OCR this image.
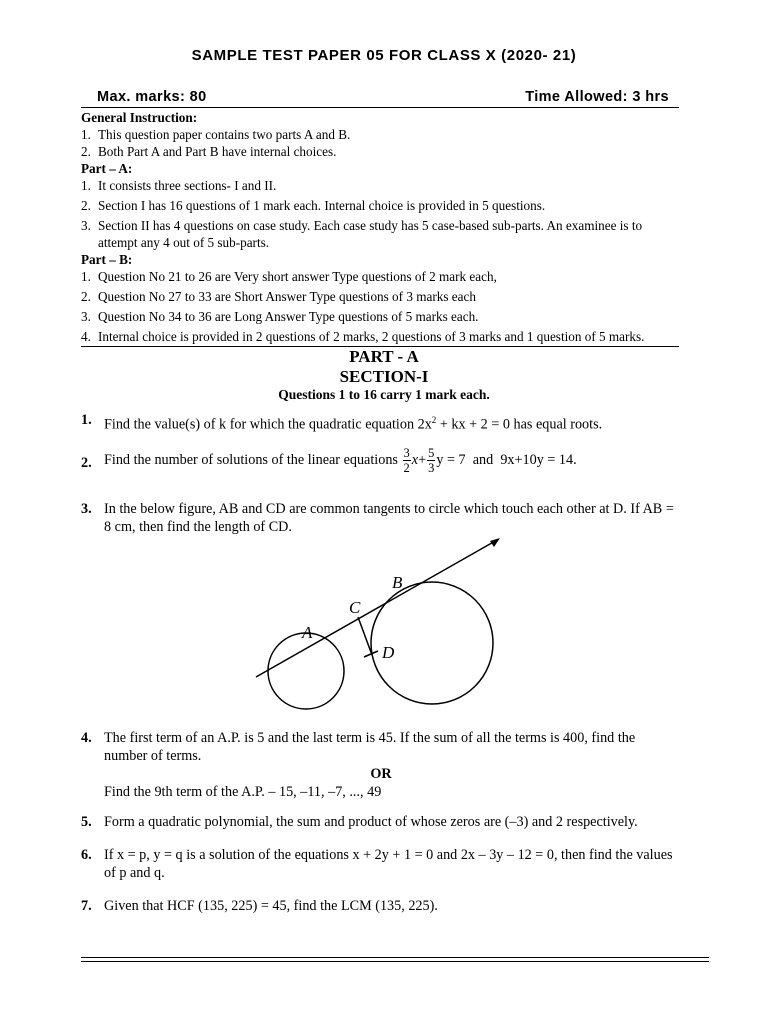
SAMPLE TEST PAPER 05 FOR CLASS X (2020- 21)
Max. marks: 80	Time Allowed: 3 hrs
General Instruction:
1. This question paper contains two parts A and B.
2. Both Part A and Part B have internal choices.
Part – A:
1. It consists three sections- I and II.
2. Section I has 16 questions of 1 mark each. Internal choice is provided in 5 questions.
3. Section II has 4 questions on case study. Each case study has 5 case-based sub-parts. An examinee is to attempt any 4 out of 5 sub-parts.
Part – B:
1. Question No 21 to 26 are Very short answer Type questions of 2 mark each,
2. Question No 27 to 33 are Short Answer Type questions of 3 marks each
3. Question No 34 to 36 are Long Answer Type questions of 5 marks each.
4. Internal choice is provided in 2 questions of 2 marks, 2 questions of 3 marks and 1 question of 5 marks.
PART - A
SECTION-I
Questions 1 to 16 carry 1 mark each.
1. Find the value(s) of k for which the quadratic equation $2x^2$ + kx + 2 = 0 has equal roots.
2. Find the number of solutions of the linear equations $\frac{3}{2} x+ \frac{5}{3}$ y = 7 and 9x+10y = 14.
3. In the below figure, AB and CD are common tangents to circle which touch each other at D. If AB = 8 cm, then find the length of CD.
A
B
C
D
4. The first term of an A.P. is 5 and the last term is 45. If the sum of all the terms is 400, find the number of terms.
OR
Find the 9th term of the A.P. – 15, –11, –7, ..., 49
5. Form a quadratic polynomial, the sum and product of whose zeros are (–3) and 2 respectively.
6. If x = p, y = q is a solution of the equations x + 2y + 1 = 0 and 2x – 3y – 12 = 0, then find the values of p and q.
7. Given that HCF (135, 225) = 45, find the LCM (135, 225).
